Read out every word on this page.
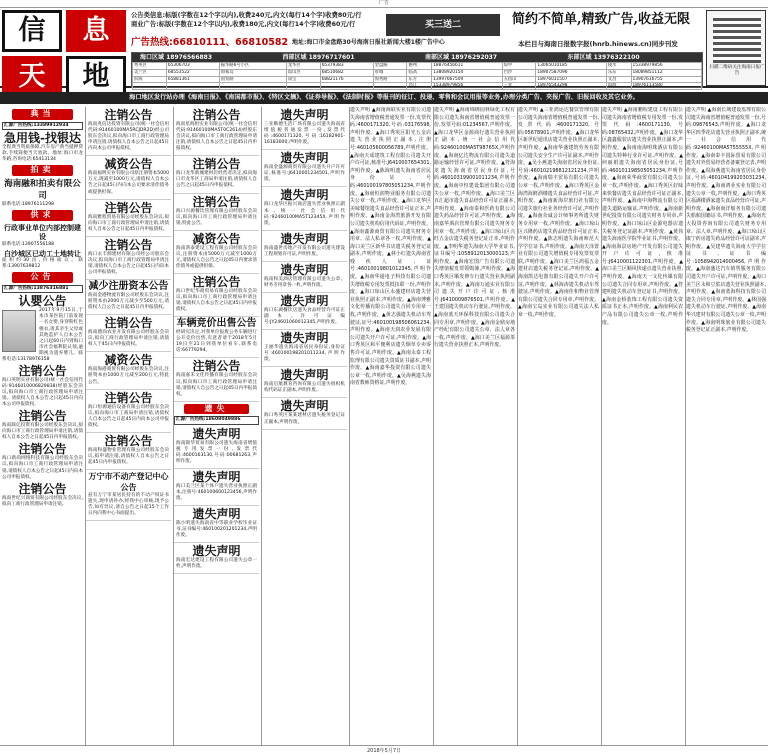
广告
信	息
天	地
公告类信息:标版(字数在12个字以内),收费240元,内文(每行14个字)收费80元/行
商业广告:标版(字数在12个字以内),收费180元,内文(每行14个字)收费60元/行
广告热线:66810111、66810582 地址:海口市金盘路30号海南日报社新闻大楼1楼广告中心
买三送二	简约不简单,精致广告,收益无限
本栏目与海南日报数字报(hnrb.hinews.cn)同步刊发
扫描二维码关注海南日报广告
海口区域 18976566883	西部区域 18976717601	南部区域 18976292037	东部区域 13976322100
秀英区	65306703	振华路6号小区	龙华区	65379383	金盘路	儋州	18876456611	琼中	13065010185	陵水	15338979856
美兰区	68553522	海甸岛	琼山区	68510682	府城	临高	13808920154	白沙	18907587096	乐东	18089851112
滨海	65881361	国贸路	南宝	68821176	海秀路	东方	13997667509	五指山	18976011507	文昌	13907616755
						昌江	15338979856	三亚	18976543298	琼海	18976113580
海口地区发行站办理《海南日报》、《南国都市报》、《特区文摘》、《证券导报》、《法制时报》等报刊的征订、投递、零售和会议用报等业务,办理分类广告、夹报广告、旧报回收及其它业务。
典当
汇源广告热线:13389912934
急用钱-找银达

全程典当资质保障,汽车房产典当抵押贷款,手续简便当天放款。地址:海口市龙华路,咨询电话:65413134

拍卖
海南融和拍卖有限公司

联系电话:18976111298

供求
行政事业单位内部控制建设

联系电话:13907556188

白沙城区已动工土地转让

面积约30亩,价格面议。联系:13907639812

公告
汇源广告热线:13876316881
认婴公告

2017年9月15日,于本市某医院门前发现一名女婴,身穿粉红色棉衣,请其亲生父母或其他监护人自本公告之日起60日内到海口市社会福利院认领,逾期视为遗弃婴儿。联系电话:13178976158

注销公告

海口英明实业有限公司(统一社会信用代码:9146010006829838)经股东会决议,拟向海口市工商行政管理局申请注销。请债权人自本公告之日起45日内向本公司申报债权。

注销公告

海南联亿投资有限公司经股东会决议,拟向海口市工商行政管理局申请注销,请债权人自本公告之日起45日内申报债权。

注销公告

海口新尚网络科技有限公司经股东会决议,拟向海口市工商行政管理局申请注销,请债权人自本公告之日起45日内向本公司申报债权。

注销公告

海南世纪兴商贸有限公司经股东会决议,拟向工商行政管理局申请注销。

注销公告

海南兆信达投资有限公司(统一社会信用代码:91460100MA5RCJDR2D)经公司股东会决议,拟向海口市工商行政管理局申请注销,请债权人自本公告之日起45日内向本公司申报债权。

减资公告

海南福明实业有限公司原注册资本5000万元,现减至1000万元,请债权人自本公告之日起45日内向本公司要求清偿债务或提供担保。

注销公告

海南雅程贸易有限公司经股东会决议,拟向海口市工商行政管理局申请注销,请债权人自本公告之日起45日内申报债权。

注销公告

海口永丰源建材有限公司经公司股东会决议,拟向海口市工商行政管理局申请注销,请债权人自本公告之日起45日内向本公司申报债权。

减少注册资本公告

海南金港物流有限公司经股东会决议,注册资本由2000万元减少至500万元,请债权人自公告之日起45日内申报债权。

注销公告

海南德尚农业开发有限公司经股东会决议,拟向工商行政管理局申请注销,请债权人于45日内申报债权。

减资公告

海南海港商贸有限公司经股东会决议,注册资本由1000万元减至200万元,特此公告。

注销公告

海口恒源通信设备有限公司经股东会决议,拟向海口市工商局申请注销,请债权人自本公告之日起45日内向本公司申报债权。

注销公告

海南和盛物业管理有限公司经股东会决议,拟申请注销,请债权人自本公告之日起45日内申报债权。

万宁市不动产登记中心公告

兹有万宁市某居民持有的不动产权证书遗失,现申请补办,经我中心审核,现予公告,如有异议,请自公告之日起15个工作日内向我中心书面提出。

注销公告

海南星海恒实业有限公司(统一社会信用代码:91460100MA5T0C2614)经股东会决议,拟向海口市工商行政管理局申请注销,请债权人自本公告之日起45日内申报债权。

注销公告

海口龙华新城建材店经营者决定,拟向海口市龙华区工商局申请注销,请债权人自公告之日起45日内申报债权。

注销公告

海口兴源餐饮管理有限公司经股东会决议,拟向海口市工商行政管理局申请注销,特此公告。

减资公告

海南鸿泰建设工程有限公司经股东会决议,注册资本由5000万元减至1000万元,请债权人自公告之日起45日内要求清偿债务或提供担保。

注销公告

海口世纪华商贸易有限公司经股东会决议,拟向海口市工商行政管理局申请注销,请债权人自本公告之日起45日内申报债权。

车辆竞价出售公告

经研究决定,对我单位报废公务车辆进行公开竞价出售,有意者请于2018年5月19日至21日到我单位看车,联系电话:66779294。

注销公告

海南嘉禾文化传播有限公司经股东会决议,拟向海口市工商行政管理局申请注销,请债权人自公告之日起45日内申报债权。

遗失
汇源广告热线:18608049886
遗失声明

海南锦华贸易有限公司遗失海南省增值税专用发票一份,发票代码:4600163130,号码:00681263,声明作废。

遗失声明

海口美兰区某个体户遗失营业执照正副本,注册号:460100600123456,声明作废。

遗失声明

陈小明遗失海南省中等职业学校毕业证书,证书编号:460100201201234,声明作废。

遗失声明

海南宏达建设工程有限公司遗失公章一枚,声明作废。

遗失声明

三亚顺德生活广场有限公司遗失海南省增值税普通发票一份,发票代码:4600171320,号码:16182901-16183000,声明作废。

遗失声明

海南金盛源商贸有限公司遗失开户许可证,核准号:J6410001234501,声明作废。

遗失声明

海口龙华区振兴商店遗失营业执照正副本,统一社会信用代码:92460100MA5T12345X,声明作废。

遗失声明

海南盛世房地产开发有限公司遗失建设工程规划许可证,声明作废。

遗失声明

海南和美酒店管理有限公司遗失公章、财务专用章各一枚,声明作废。

遗失声明

海口东湖餐饮店遗失食品经营许可证正副本,许可证编号:JY24601060012345,声明作废。

遗失声明

王丽华遗失海南省居民身份证,身份证号:460100198201011234,声明作废。

遗失声明

海南启航教育咨询有限公司遗失组织机构代码证正副本,声明作废。

遗失声明

海口秀英区某某建材店遗失税务登记证正副本,声明作废。

遗失声明 ▲海南海联实业有限公司遗失海南省增值税普通发票一份,发票代码:4600171320,号码:03176598,声明作废。▲海口秀英区阳光五金店遗失营业执照正副本,注册号:460105600056789,声明作废。▲海南天成建筑工程有限公司遗失开户许可证,核准号:J6410007654301,声明作废。▲陈海明遗失海南省居民身份证,号码:460100197805051234,声明作废。▲海南恒润物业服务有限公司遗失公章一枚,声明作废。▲海口龙华区美味餐馆遗失食品经营许可证正本,声明作废。▲海南金海湾旅游开发有限公司遗失机构信用代码证,声明作废。▲海南鑫源商贸有限公司遗失财务专用章、法人私章各一枚,声明作废。▲海口美兰区新华书店遗失税务登记证副本,声明作废。▲林小红遗失海南省残疾人证,证号:46010019801012345,声明作废。▲海南华通电子科技有限公司遗失增值税专用发票抵扣联一份,声明作废。▲海口琼山区永盛建材店遗失营业执照正副本,声明作废。▲海南博雅文化传播有限公司遗失合同专用章一枚,声明作废。▲黄志强遗失机动车驾驶证,证号:460100198506061234,声明作废。▲海南天润农业发展有限公司遗失开户许可证,声明作废。▲海口秀英区和平便利店遗失烟草专卖零售许可证,声明作废。▲海南永泰工程监理有限公司遗失资质证书副本,声明作废。▲海南嘉华投资有限公司遗失公章一枚,声明作废。▲吴海燕遗失海南省教师资格证,声明作废。

遗失声明 ▲海南锦绣园林绿化工程有限公司遗失海南省增值税普通发票一份,发票号码:01234567,声明作废。▲海口龙华区金源商行遗失营业执照正副本,统一社会信用代码:92460100MA5T98765X,声明作废。▲海南亿达物流有限公司遗失道路运输经营许可证,声明作废。▲符海龙遗失海南省居民身份证,号码:460103199001011234,声明作废。▲海南中恒建设集团有限公司遗失公章一枚,声明作废。▲海口美兰区百汇超市遗失食品经营许可证正副本,声明作废。▲海南泰和医药有限公司遗失药品经营许可证,声明作废。▲海南嘉华酒店管理有限公司遗失财务专用章一枚,声明作废。▲海口琼山区兴旺五金店遗失税务登记证正本,声明作废。▲李明华遗失海南大学毕业证书,证书编号:1058912013000123,声明作废。▲海南宏图广告有限公司遗失增值税发票领购簿,声明作废。▲海口秀英区顺发修车行遗失营业执照副本,声明作废。▲海南万通实业有限公司遗失开户许可证,核准号:J6410009876501,声明作废。▲王建国遗失机动车行驶证,声明作废。▲海南蓝天环保科技有限公司遗失合同专用章,声明作废。▲海南金鼎房地产经纪有限公司遗失公章、法人章各一枚,声明作废。▲海口美兰区福源茶行遗失营业执照正本,声明作废。

遗失声明 ▲三亚鸿运达餐饮管理有限公司遗失海南省增值税普通发票一份,发票代码:4600171320,号码:05678901,声明作废。▲海口龙华区新世纪通讯店遗失营业执照正副本,声明作废。▲海南华盛建筑劳务有限公司遗失安全生产许可证副本,声明作废。▲吴小燕遗失海南省居民身份证,号码:460102198812121234,声明作废。▲海南瑞丰贸易有限公司遗失公章一枚,声明作废。▲海口秀英区金海湾海鲜酒楼遗失食品经营许可证,声明作废。▲海南新海岸旅行社有限公司遗失旅行社业务经营许可证,声明作废。▲海南众诚会计师事务所遗失财务专用章一枚,声明作废。▲海口琼山区兴隆药店遗失药品经营许可证正本,声明作废。▲陈志明遗失海南师范大学学位证书,声明作废。▲海南天泽置业有限公司遗失增值税专用发票发票联,声明作废。▲海口美兰区鸿福五金建材店遗失税务登记证,声明作废。▲海南凯达电器有限公司遗失开户许可证,声明作废。▲林海涛遗失机动车驾驶证,声明作废。▲海南佳和物业管理有限公司遗失合同专用章,声明作废。▲海南宝岛实业有限公司遗失法人私章一枚,声明作废。

遗失声明 ▲海南鹏程建设工程有限公司遗失海南省增值税专用发票一份,发票代码:4600171130,号码:08765432,声明作废。▲海口龙华区鑫鑫服装店遗失营业执照正副本,声明作废。▲海南南海明珠酒店有限公司遗失特种行业许可证,声明作废。▲何丽娟遗失海南省居民身份证,号码:460101198505051234,声明作废。▲海南荣华商贸有限公司遗失公章一枚,声明作废。▲海口秀英区好味来快餐店遗失食品经营许可证正副本,声明作废。▲海南中海物流有限公司遗失道路运输证,声明作废。▲海南新世纪投资有限公司遗失财务专用章,声明作废。▲海口琼山区金源电器店遗失税务登记证副本,声明作废。▲黄伟遗失海南医学院毕业证书,声明作废。▲海南海景房地产开发有限公司遗失开户许可证,核准号:J6410001122301,声明作废。▲海口美兰区顺风快递点遗失营业执照,声明作废。▲海南天一文化传媒有限公司遗失合同专用章,声明作废。▲符建明遗失机动车登记证书,声明作废。▲海南金桥装饰工程有限公司遗失资质证书正本,声明作废。▲海南利民农产品有限公司遗失公章一枚,声明作废。

遗失声明 ▲海南长城建设监理有限公司遗失海南省增值税普通发票一份,号码:09876543,声明作废。▲海口龙华区四季花店遗失营业执照正副本,统一社会信用代码:92460100MA5T55555X,声明作废。▲海南泰丰国际贸易有限公司遗失对外贸易经营者备案登记表,声明作废。▲周海燕遗失海南省居民身份证,号码:460104199203031234,声明作废。▲海南鸿业实业有限公司遗失公章一枚,声明作废。▲海口秀英区福满楼酒家遗失食品经营许可证,声明作废。▲海南南洋船务有限公司遗失船舶国籍证书,声明作废。▲海南光大投资咨询有限公司遗失财务专用章、法人章,声明作废。▲海口琼山区康宁药房遗失药品经营许可证副本,声明作废。▲吴建华遗失海南大学学位证书,证书编号:1058942014000456,声明作废。▲海南盛达汽车销售服务有限公司遗失开户许可证,声明作废。▲海口美兰区永和豆浆店遗失营业执照副本,声明作废。▲海南蓝海科技有限公司遗失合同专用章,声明作废。▲林国强遗失机动车行驶证,声明作废。▲海南华兴建材有限公司遗失公章一枚,声明作废。▲海南明珠旅业有限公司遗失税务登记证正副本,声明作废。

2018年5月7日
